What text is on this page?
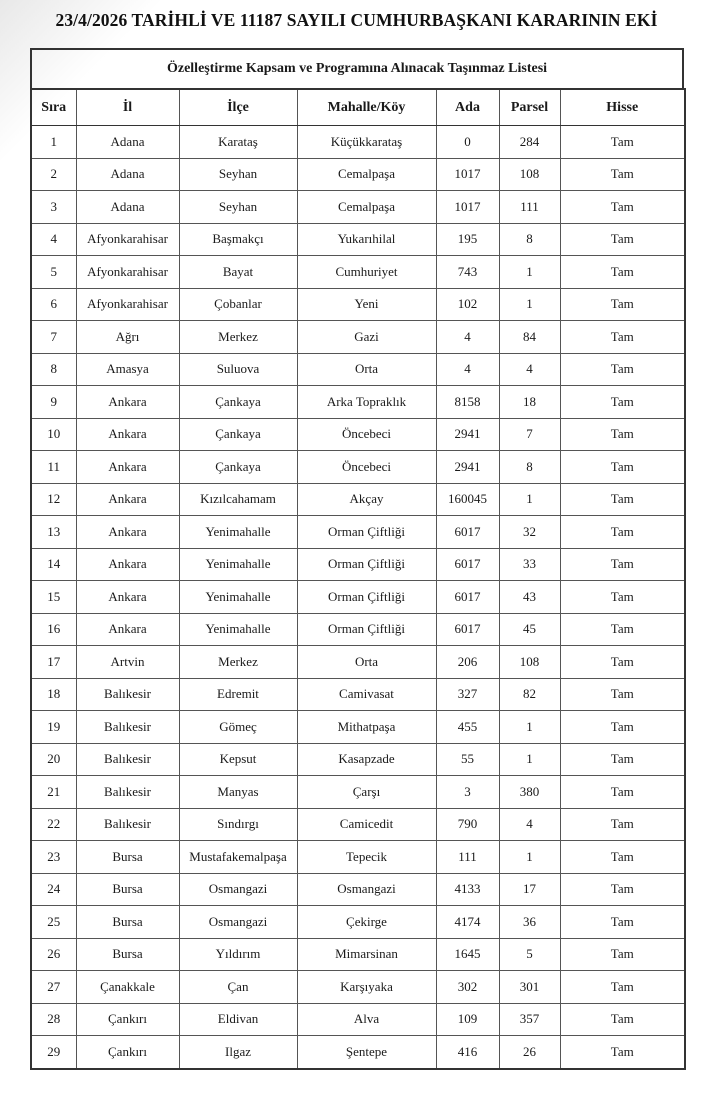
23/4/2026 TARİHLİ VE 11187 SAYILI CUMHURBAŞKANI KARARININ EKİ
Özelleştirme Kapsam ve Programına Alınacak Taşınmaz Listesi
Sıra	İl	İlçe	Mahalle/Köy	Ada	Parsel	Hisse
1	Adana	Karataş	Küçükkarataş	0	284	Tam
2	Adana	Seyhan	Cemalpaşa	1017	108	Tam
3	Adana	Seyhan	Cemalpaşa	1017	111	Tam
4	Afyonkarahisar	Başmakçı	Yukarıhilal	195	8	Tam
5	Afyonkarahisar	Bayat	Cumhuriyet	743	1	Tam
6	Afyonkarahisar	Çobanlar	Yeni	102	1	Tam
7	Ağrı	Merkez	Gazi	4	84	Tam
8	Amasya	Suluova	Orta	4	4	Tam
9	Ankara	Çankaya	Arka Topraklık	8158	18	Tam
10	Ankara	Çankaya	Öncebeci	2941	7	Tam
11	Ankara	Çankaya	Öncebeci	2941	8	Tam
12	Ankara	Kızılcahamam	Akçay	160045	1	Tam
13	Ankara	Yenimahalle	Orman Çiftliği	6017	32	Tam
14	Ankara	Yenimahalle	Orman Çiftliği	6017	33	Tam
15	Ankara	Yenimahalle	Orman Çiftliği	6017	43	Tam
16	Ankara	Yenimahalle	Orman Çiftliği	6017	45	Tam
17	Artvin	Merkez	Orta	206	108	Tam
18	Balıkesir	Edremit	Camivasat	327	82	Tam
19	Balıkesir	Gömeç	Mithatpaşa	455	1	Tam
20	Balıkesir	Kepsut	Kasapzade	55	1	Tam
21	Balıkesir	Manyas	Çarşı	3	380	Tam
22	Balıkesir	Sındırgı	Camicedit	790	4	Tam
23	Bursa	Mustafakemalpaşa	Tepecik	111	1	Tam
24	Bursa	Osmangazi	Osmangazi	4133	17	Tam
25	Bursa	Osmangazi	Çekirge	4174	36	Tam
26	Bursa	Yıldırım	Mimarsinan	1645	5	Tam
27	Çanakkale	Çan	Karşıyaka	302	301	Tam
28	Çankırı	Eldivan	Alva	109	357	Tam
29	Çankırı	Ilgaz	Şentepe	416	26	Tam
